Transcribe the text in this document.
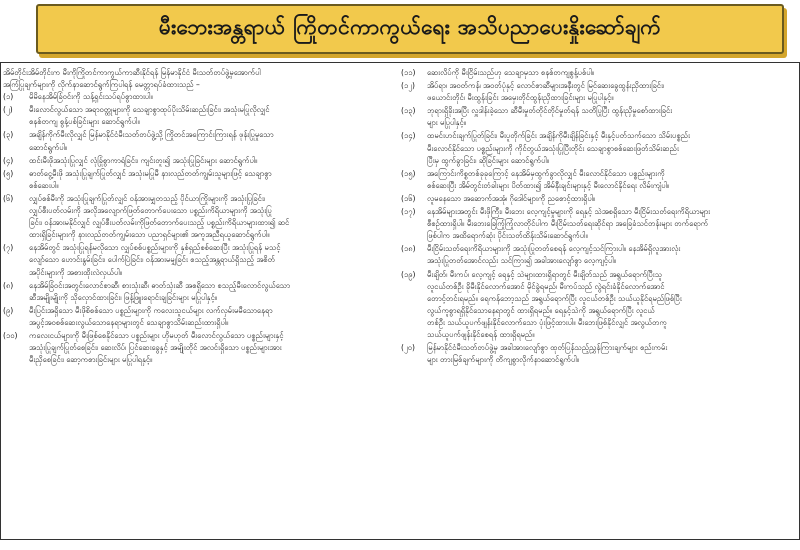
မီးဘေးအန္တရာယ် ကြိုတင်ကာကွယ်ရေး အသိပညာပေးနှိုးဆော်ချက်
အိမ်တိုင်းအိမ်တိုင်းက မီးကိုကြိုတင်ကာကွယ်ကာဆီးနိုင်ရန် မြန်မာနိုင်ငံ မီးသတ်တပ်ဖွဲ့မှအောက်ပါ
အကြံပြုချက်များကို လိုက်နာဆောင်ရွက်ကြပါရန် မေတ္တာရပ်ခံထားသည် –
(၁)	မိမိနေအိမ်ခြံဝင်းကို သန့်ရှင်းသပ်ရပ်စွာထားပါ။
(၂)	မီးလောင်လွယ်သော အရာဝတ္ထုများကို သေချာစွာထုပ်ပိုးသိမ်းဆည်းခြင်း၊ အသုံးမပြုလိုလျှင်
စနစ်တကျ စွန့်ပစ်ခြင်းများ ဆောင်ရွက်ပါ။
(၃)	အချိန်ကိုက်မီးလိုလျှင် မြန်မာနိုင်ငံမီးသတ်တပ်ဖွဲ့သို့ ကြိုတင်အကြောင်းကြားရန် ဖုန်းပြုမှုသော
ဆောင်ရွက်ပါ။
(၄)	ထင်းမီးဖိုအသုံးပြုလျှင် လုံခြုံစွာကာရံခြင်း၊ ကျင်းတူး၍ အသုံးပြုခြင်းများ ဆောင်ရွက်ပါ။
(၅)	ဓာတ်ငွေ့မီးဖို အသုံးပြုချက်ပြုတ်လျှင် အသုံးမပြုမီ နားလည်တတ်ကျွမ်းသူများဖြင့် သေချာစွာ
စစ်ဆေးပါ။
(၆)	လျှပ်စစ်မီးကို အသုံးပြုချက်ပြုတ်လျှင် ဝန်အားမျှတသည့် ပိုင်ယာကြိုးများကို အသုံးပြုခြင်း၊
လျှပ်စီးပတ်လမ်းကို အလိုအလျောက်ဖြတ်တောက်ပေးသော ပစ္စည်းကိရိယာများကို အသုံးပြု
ခြင်း၊ ဝန်အားမနိုင်လျှင် လျှပ်စီးပတ်လမ်းကိုဖြတ်တောက်ပေးသည့် ပစ္စည်းကိရိယာများထား၍ ဆင်
ထားရှိခြင်းများကို နားလည်တတ်ကျွမ်းသော ပညာရှင်များ၏ အကူအညီရယူဆောင်ရွက်ပါ။
(၇)	နေအိမ်တွင် အသုံးပြုရန်မလိုသော လျှပ်စစ်ပစ္စည်းများကို နှစ်ရှည်စစ်ဆေးပြီး အသုံးပြုရန် မသင့်
လျော်သော ဟောင်းနွမ်းခြင်း၊ ပေါက်ပြဲခြင်း၊ ဝန်အားမမျှခြင်း စသည့်အန္တရာယ်ရှိသည့် အစိတ်
အပိုင်းများကို အစားထိုးလဲလှယ်ပါ။
(၈)	နေအိမ်ခြံဝင်းအတွင်းလောင်စာဆီ၊ စားသုံးဆီ၊ ဓာတ်သုံးဆီ အစရှိသော စသည့်မီးလောင်လွယ်သော
ဆီအမျိုးမျိုးကို သိုလှောင်ထားခြင်း၊ ဖြန့်ဖြူးရောင်းချခြင်းများ မပြုပါနှင့်။
(၉)	မီးပြင်းအရှိသော မီးဖိုစိစစ်သော ပစ္စည်းများကို ကလေးသူငယ်များ လက်လှမ်းမမီသောနေရာ
အပွင့်အဝစစ်ဆေးလွယ်သောနေရာများတွင် သေချာစွာသိမ်းဆည်းထားရှိပါ။
(၁၀)	ကလေးငယ်များကို မီးဖြစ်စေနိုင်သော ပစ္စည်းများ ဟိုမဟုတ် မီးလောင်လွယ်သော ပစ္စည်းများနှင့်
အသုံးပြုချက်ပြုတ်စေခြင်း၊ ဆေးလိပ်၊ ပြင်ဆေးခွေနှင့် အမျိုးတိုင် အလင်းရှိသော ပစ္စည်းများအား
မီးညှိစေခြင်း၊ ဆော့ကစားခြင်းများ မပြုပါရနှင့်။
(၁၁)	ဆေးလိပ်ကို မီးငြိမ်းသည်ဟု သေချာမှသာ စနစ်တကျစွန့်ပစ်ပါ။
(၁၂)	အိပ်ရာ၊ အဝတ်ကန်၊ အဝတ်ပုံနှင့် လောင်စာဆီများအနီးတွင် မြင်ဆေးခွေထွန်းညှိထားခြင်း၊
ဖယောင်းတိုင်၊ မီးထွန်းခြင်း အမှေးတိုင်ထွန်းညှိထားခြင်းများ မပြုပါနှင့်။
(၁၃)	ဘုရားရှိခိုးအပြီး လှူဒါန်းခဲ့သော ဆီမီးမှုတ်တိုင်တိုင်မှုတ်ရန် သတိပြုပြီး ထွန်းညှိမှုစော်ထားခြင်း
များ မပြုပါနှင့်။
(၁၄)	ထမင်းဟင်းချက်ပြုတ်ခြင်း၊ မီးပူတိုက်ခြင်း အချိန်ကိုမီးချိန်ခြင်းနှင့် မီးနှင့်ပတ်သက်သော သိမ်းပစ္စည်း
မီးလောင်နိုင်သော ပစ္စည်းများကို ကိုင်တွယ်အသုံးပြုပြီးတိုင်း သေချာစွာစစ်ဆေးဖြတ်သိမ်းဆည်း
ပြီးမှ ထွက်ခွာခြင်း၊ ဆိုခြင်းများ ဆောင်ရွက်ပါ။
(၁၅)	အကြောင်းကိစ္စတစ်ခုခုကြောင့် နေအိမ်မှထွက်ခွာလိုလျှင် မီးလောင်နိုင်သော ပစ္စည်းများကို
စစ်ဆေးပြီး အိမ်တွင်းတံခါးများ ပိတ်ထား၍ အိမ်နီးချင်းများနှင့် မီးလောင်နိုင်ရေး လိမ်းကျံပါ။
(၁၆)	လူမနေသော အဆောက်အအုံ၊ ဂိုဒေါင်များကို ညစောင့်ထားရှိပါ။
(၁၇)	နေအိမ်များအတွင်း မီးဖိုကြီး၊ မီးဘေး လေ့ကျင့်မှုများကို ရေနှင့် သဲအစရှိသော မီးငြိမ်းသတ်ရေးကိရိယာများ
စီစဉ်ထားရှိပါ။ မီးဘေးခြေကြုံကြုံလာတိုင်ပါက မီးငြိမ်းသတ်ရေးဆိုင်ရာ အခြေခံသင်တန်းများ တက်ရောက်
ဖြစ်ပါက အထိရောက်ဆုံး ပိုင်းသတ်ထိန်းသိမ်းဆောင်ရွက်ပါ။
(၁၈)	မီးငြိမ်းသတ်ရေးကိရိယာများကို အသုံးပြုတတ်စေရန် လေ့ကျင့်သင်ကြားပါ။ နေအိမ်ရှိလူအားလုံး
အသုံးပြုတတ်အောင်လည်း သင်ကြား၍ အခါအားလျော်စွာ လေ့ကျင့်ပါ။
(၁၉)	မီးချိတ်၊ မီးကပ်၊ လေ့ကျင့် ရေနှင့် သဲများထားရှိရာတွင် မီးချိတ်သည် အရွယ်ရောက်ပြီးသူ
လူငယ်တစ်ဦး ခိုမီးနိုင်လောက်အောင် မိုင်ခွဲရမည်၊ မီးကပ်သည် လွဲရင်းခံနိုင်လောက်အောင်
တောင့်တင်းရမည်။ ရေကန်ဘော့သည် အရွယ်ရောက်ပြီး လူငယ်တစ်ဦး သယ်ယူနိုင်ရမည်ဖြစ်ပြီး
လွယ်ကူစွာရရှိနိုင်သောနေရာတွင် ထားရှိရမည်။ ရေနှင့်သဲကို အရွယ်ရောက်ပြီး လူငယ်
တစ်ဦး သယ်ယူပက်ဖျန်းနိုင်လောက်သော ပုံးဖြင့်ထားပါ။ မီးဘေးဖြစ်နိုင်လျှင် အလွယ်တကူ
သယ်ယူပက်ဖျန်းနိုင်စေရန် ထားရှိရမည်။
(၂၀)	မြန်မာနိုင်ငံမီးသတ်တပ်ဖွဲ့မှ အခါအားလျော်စွာ ထုတ်ပြန်သည့်ညွှန်ကြားချက်များ စည်းကမ်း
များ တားမြစ်ချက်များကို တိကျစွာလိုက်နာဆောင်ရွက်ပါ။
